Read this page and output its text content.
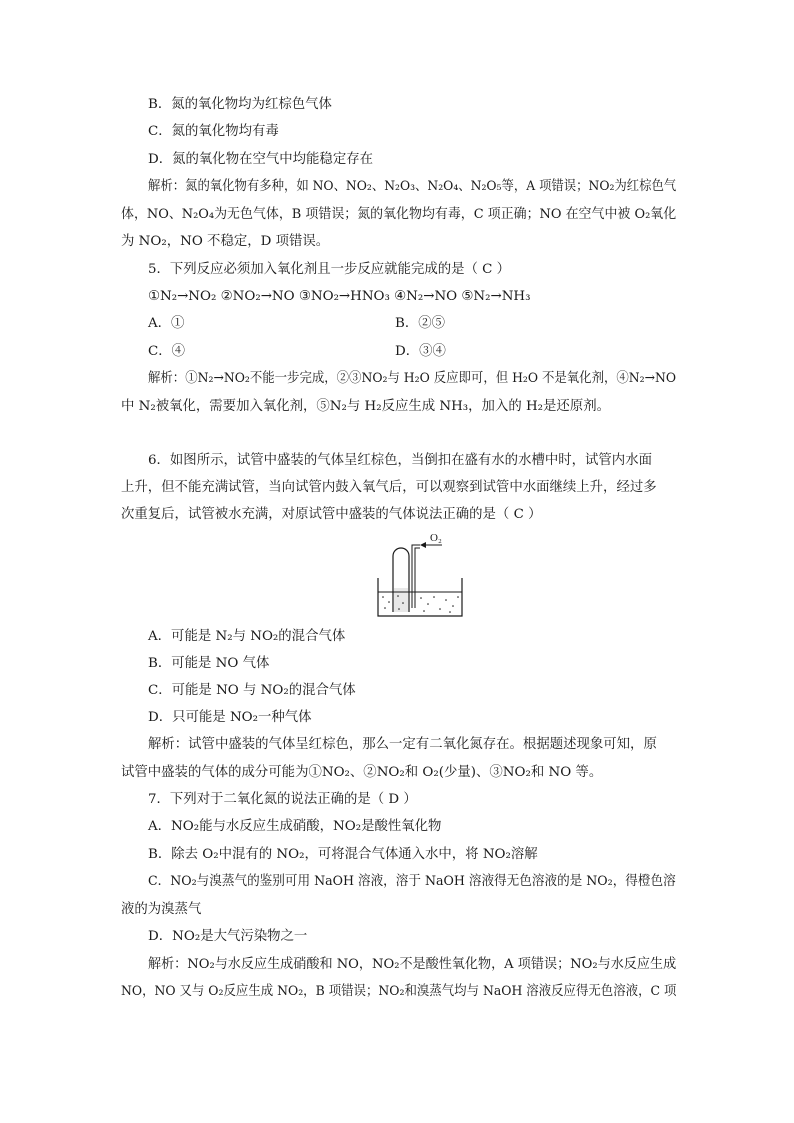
B．氮的氧化物均为红棕色气体
C．氮的氧化物均有毒
D．氮的氧化物在空气中均能稳定存在
解析：氮的氧化物有多种，如 NO、NO₂、N₂O₃、N₂O₄、N₂O₅等，A 项错误；NO₂为红棕色气
体，NO、N₂O₄为无色气体，B 项错误；氮的氧化物均有毒，C 项正确；NO 在空气中被 O₂氧化
为 NO₂，NO 不稳定，D 项错误。
5．下列反应必须加入氧化剂且一步反应就能完成的是（ C ）
①N₂→NO₂ ②NO₂→NO ③NO₂→HNO₃ ④N₂→NO ⑤N₂→NH₃
A．①	B．②⑤
C．④	D．③④
解析：①N₂→NO₂不能一步完成，②③NO₂与 H₂O 反应即可，但 H₂O 不是氧化剂，④N₂→NO
中 N₂被氧化，需要加入氧化剂，⑤N₂与 H₂反应生成 NH₃，加入的 H₂是还原剂。
6．如图所示，试管中盛装的气体呈红棕色，当倒扣在盛有水的水槽中时，试管内水面
上升，但不能充满试管，当向试管内鼓入氧气后，可以观察到试管中水面继续上升，经过多
次重复后，试管被水充满，对原试管中盛装的气体说法正确的是（ C ）
O₂
A．可能是 N₂与 NO₂的混合气体
B．可能是 NO 气体
C．可能是 NO 与 NO₂的混合气体
D．只可能是 NO₂一种气体
解析：试管中盛装的气体呈红棕色，那么一定有二氧化氮存在。根据题述现象可知，原
试管中盛装的气体的成分可能为①NO₂、②NO₂和 O₂(少量)、③NO₂和 NO 等。
7．下列对于二氧化氮的说法正确的是（ D ）
A．NO₂能与水反应生成硝酸，NO₂是酸性氧化物
B．除去 O₂中混有的 NO₂，可将混合气体通入水中，将 NO₂溶解
C．NO₂与溴蒸气的鉴别可用 NaOH 溶液，溶于 NaOH 溶液得无色溶液的是 NO₂，得橙色溶
液的为溴蒸气
D．NO₂是大气污染物之一
解析：NO₂与水反应生成硝酸和 NO，NO₂不是酸性氧化物，A 项错误；NO₂与水反应生成
NO，NO 又与 O₂反应生成 NO₂，B 项错误；NO₂和溴蒸气均与 NaOH 溶液反应得无色溶液，C 项
